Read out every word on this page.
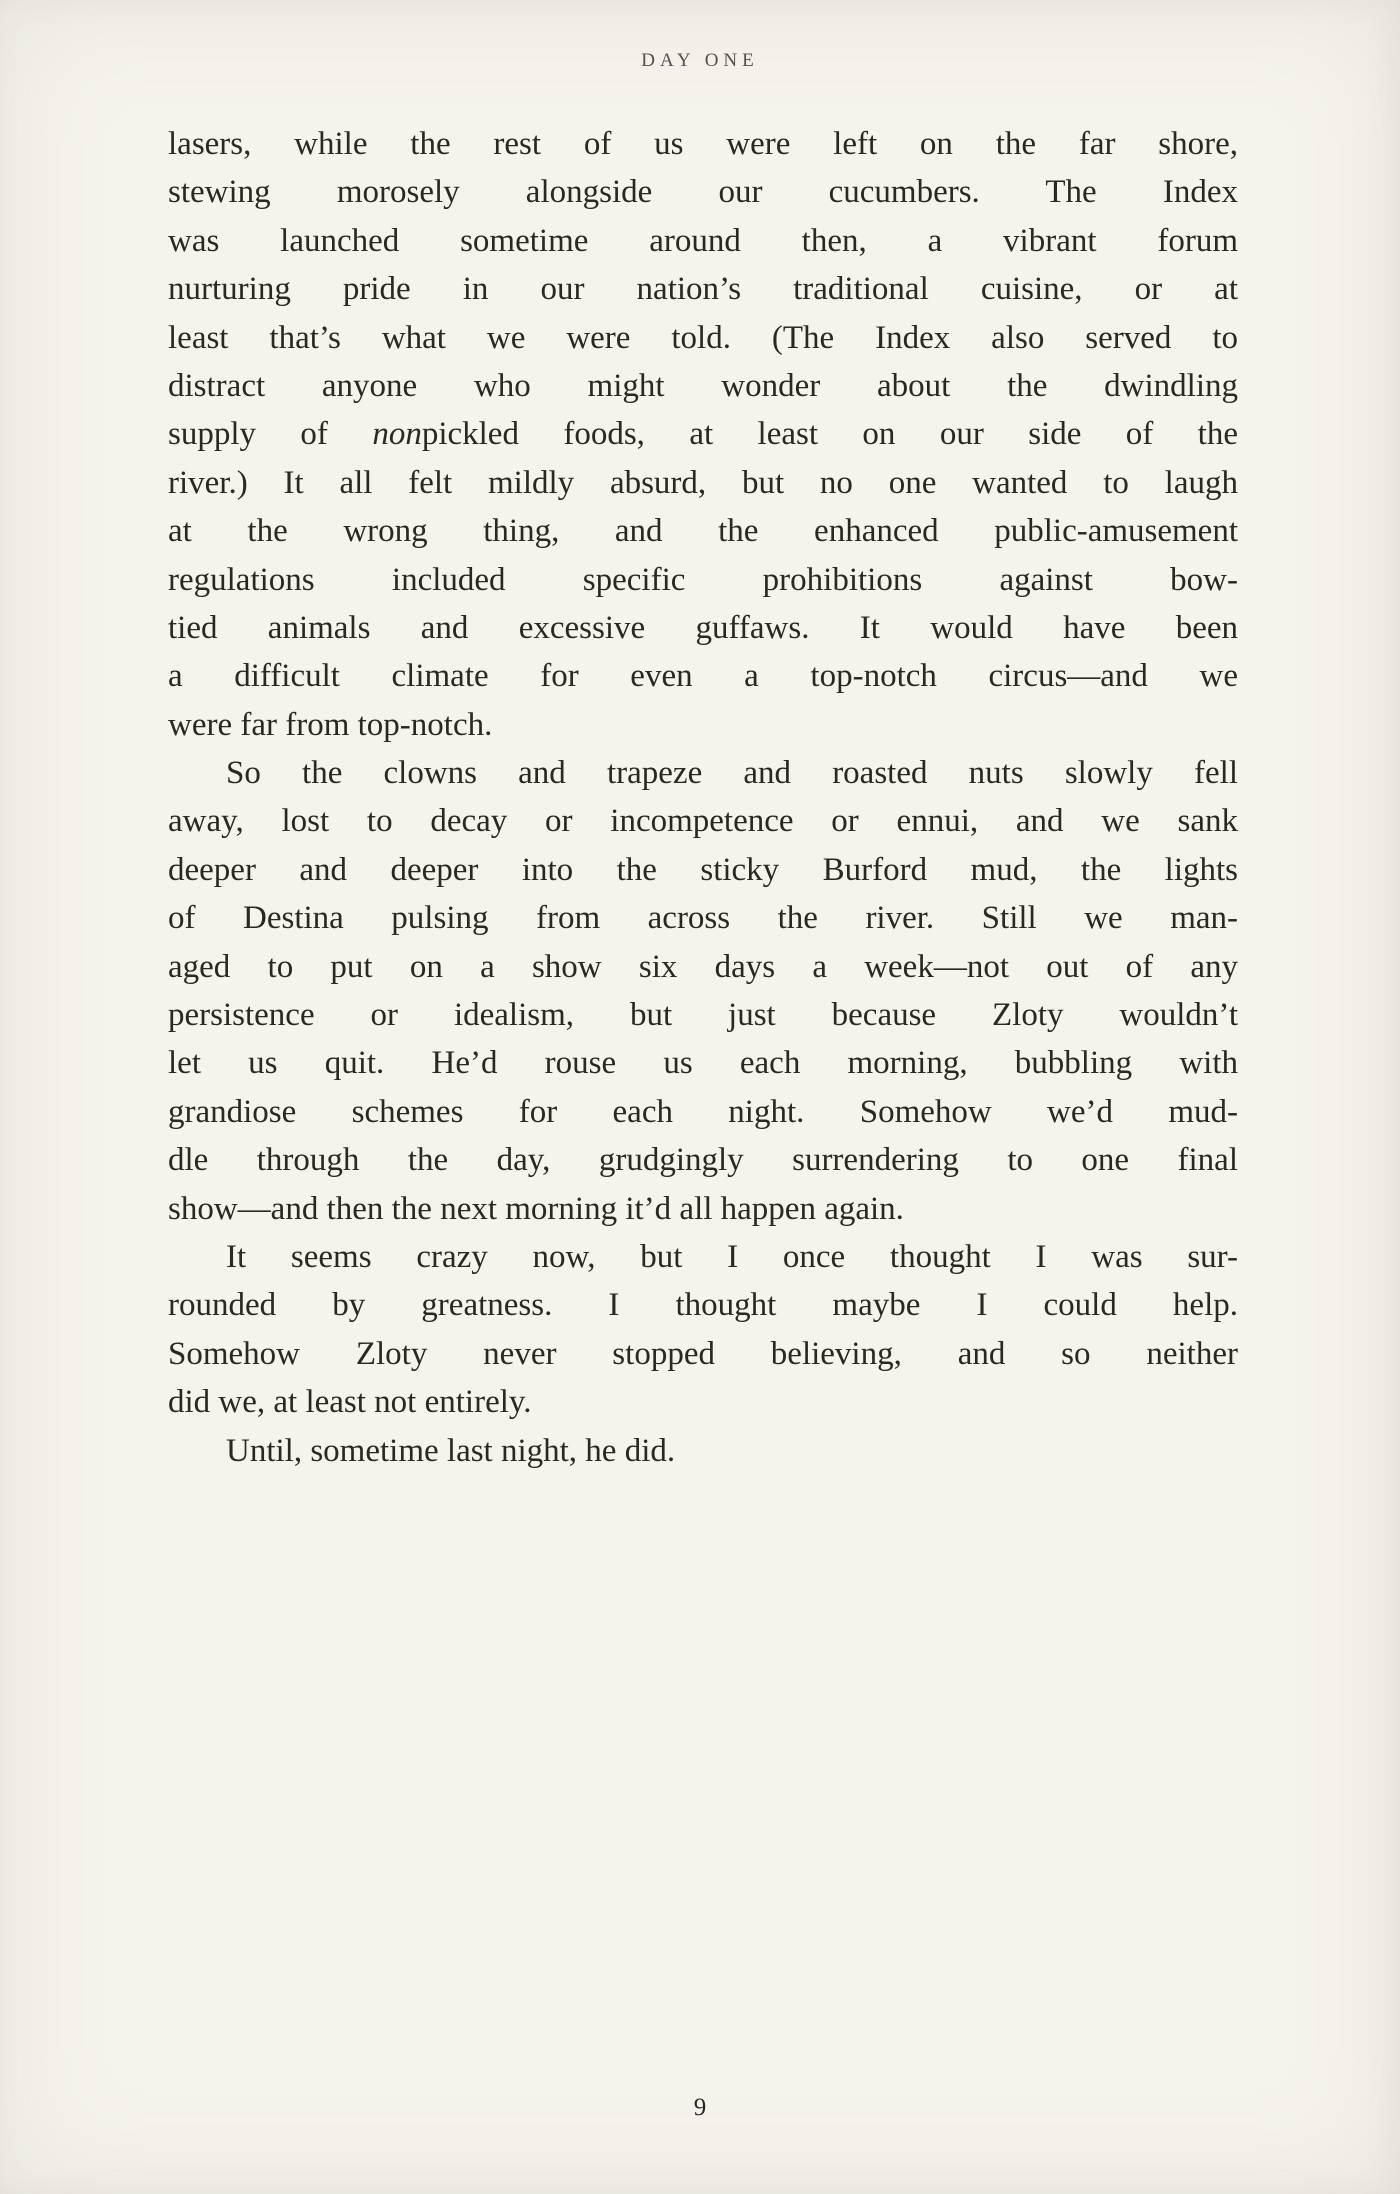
DAY ONE
lasers, while the rest of us were left on the far shore,
stewing morosely alongside our cucumbers. The Index
was launched sometime around then, a vibrant forum
nurturing pride in our nation’s traditional cuisine, or at
least that’s what we were told. (The Index also served to
distract anyone who might wonder about the dwindling
supply of nonpickled foods, at least on our side of the
river.) It all felt mildly absurd, but no one wanted to laugh
at the wrong thing, and the enhanced public-amusement
regulations included specific prohibitions against bow-
tied animals and excessive guffaws. It would have been
a difficult climate for even a top-notch circus—and we
were far from top-notch.
So the clowns and trapeze and roasted nuts slowly fell
away, lost to decay or incompetence or ennui, and we sank
deeper and deeper into the sticky Burford mud, the lights
of Destina pulsing from across the river. Still we man-
aged to put on a show six days a week—not out of any
persistence or idealism, but just because Zloty wouldn’t
let us quit. He’d rouse us each morning, bubbling with
grandiose schemes for each night. Somehow we’d mud-
dle through the day, grudgingly surrendering to one final
show—and then the next morning it’d all happen again.
It seems crazy now, but I once thought I was sur-
rounded by greatness. I thought maybe I could help.
Somehow Zloty never stopped believing, and so neither
did we, at least not entirely.
Until, sometime last night, he did.
9
